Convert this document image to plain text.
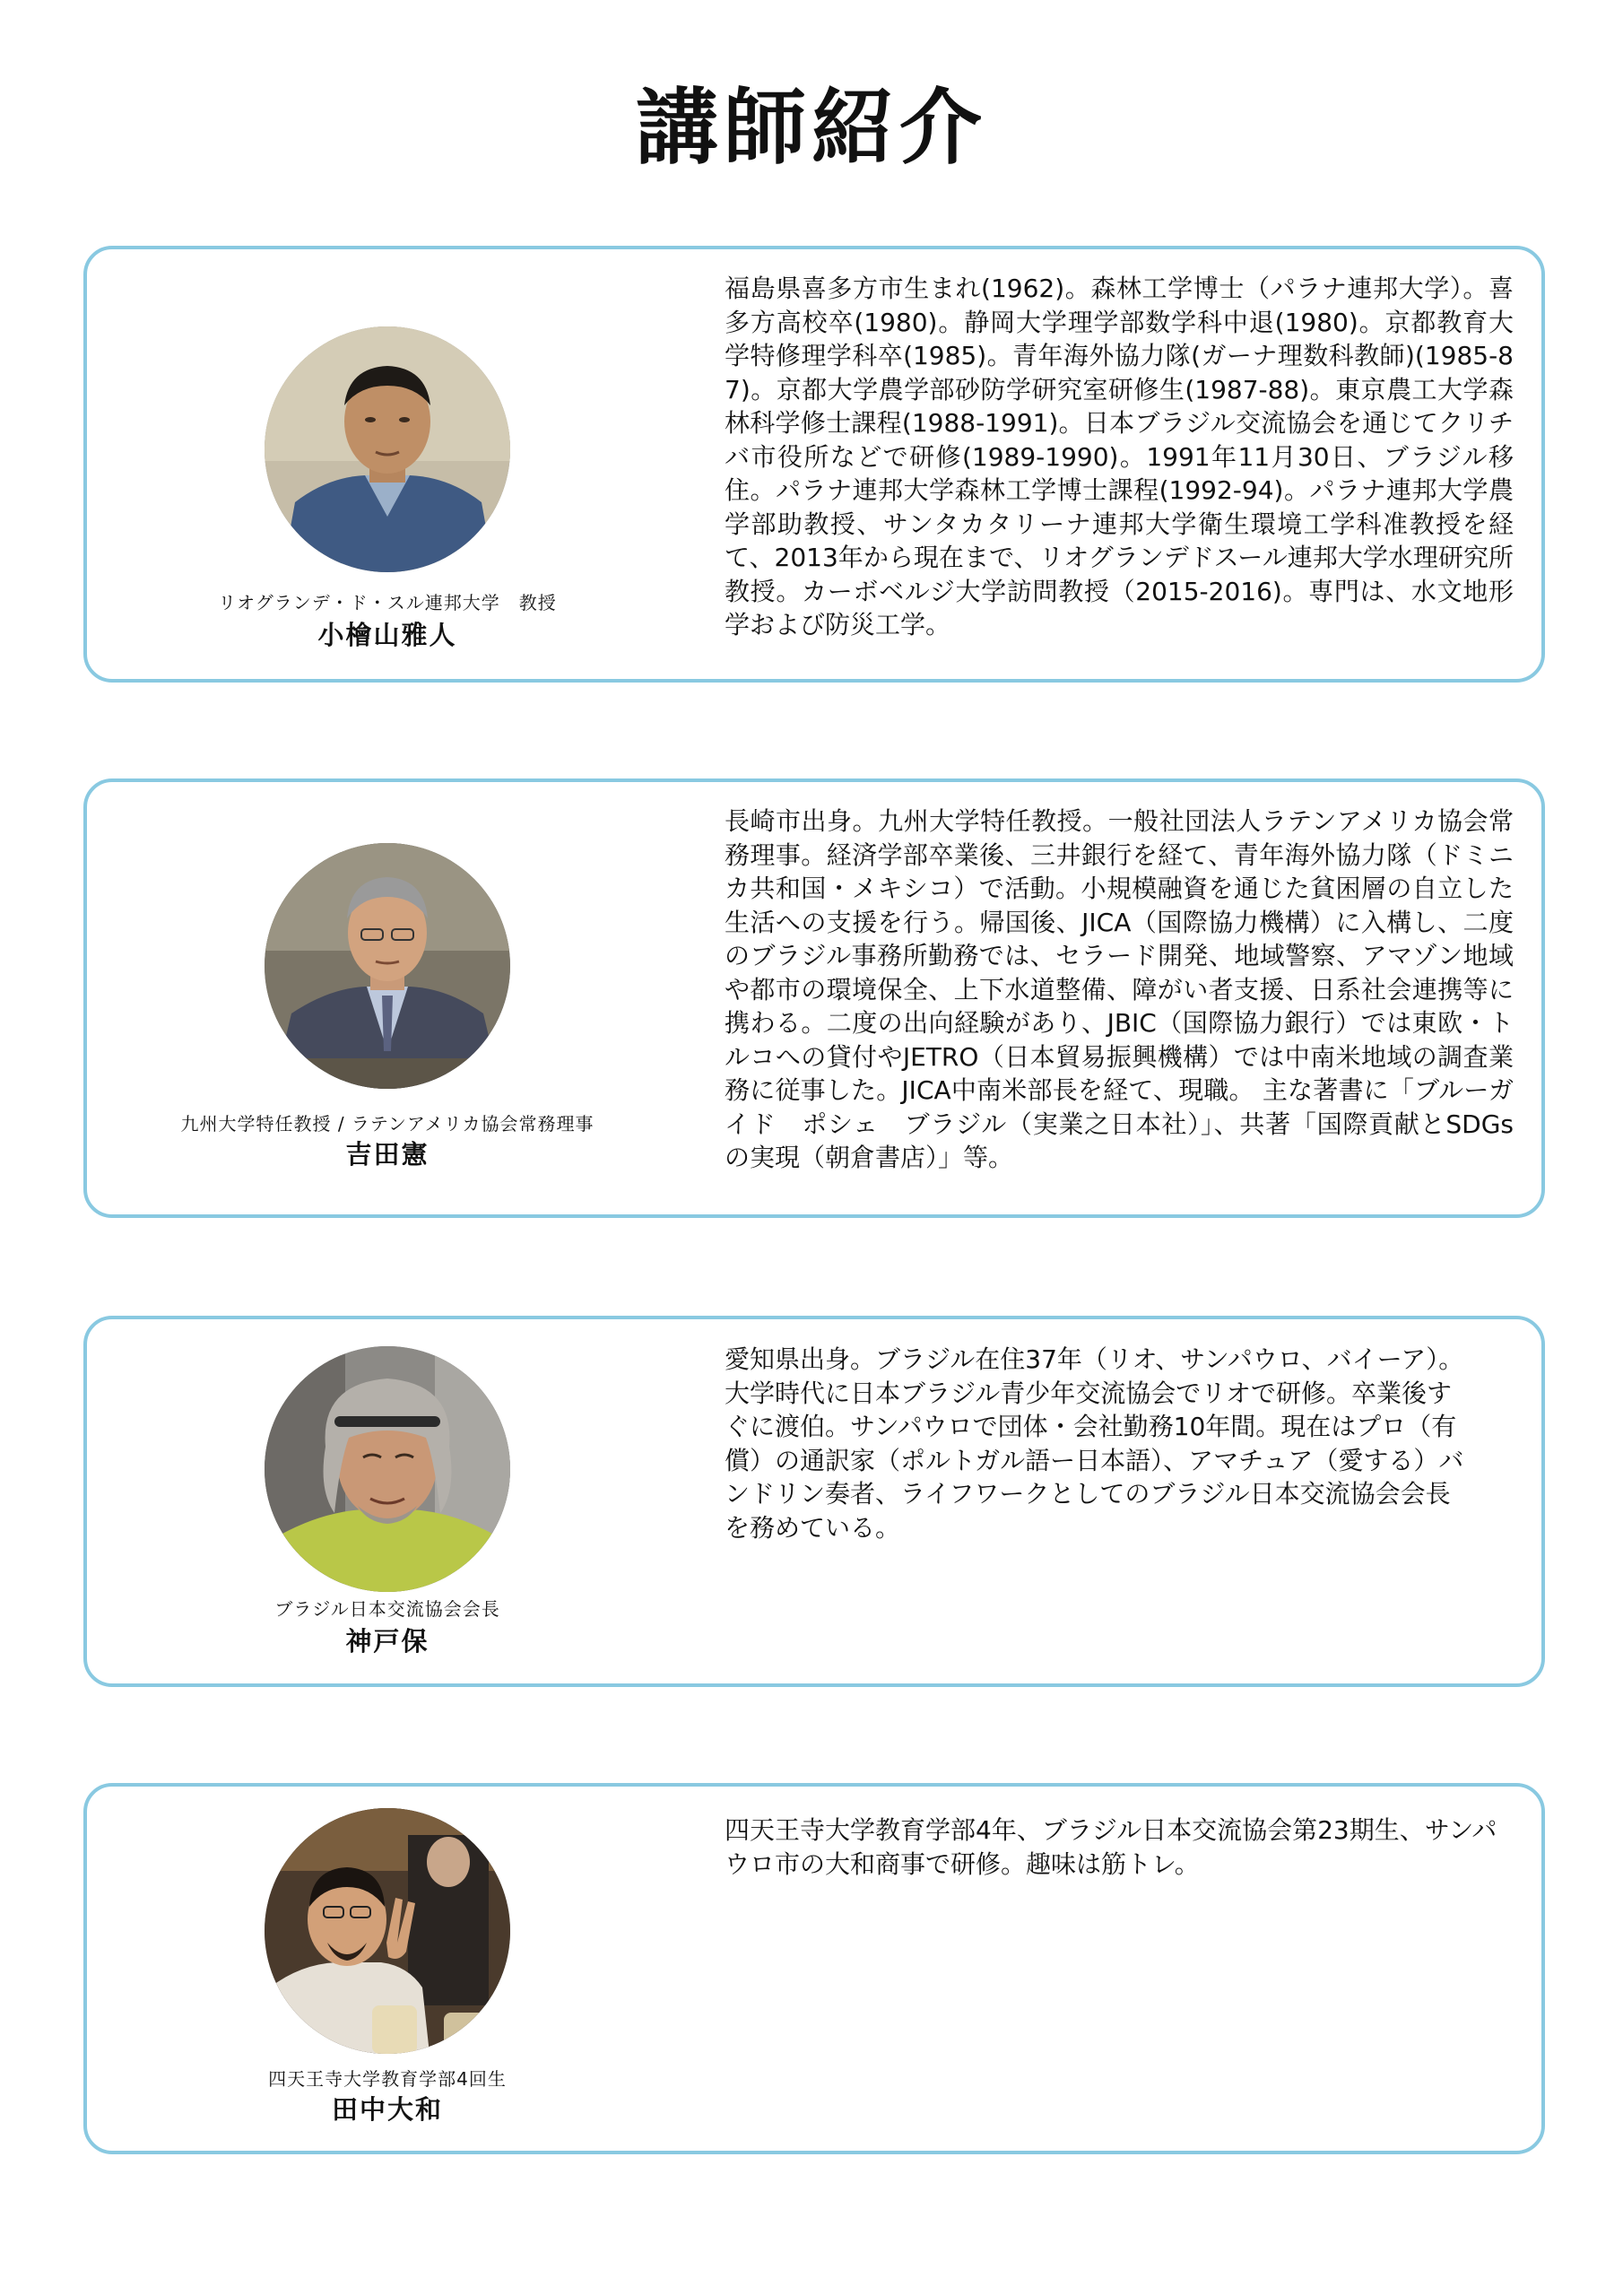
講師紹介
リオグランデ・ド・スル連邦大学　教授
小檜山雅人

福島県喜多方市生まれ(1962)。森林工学博士（パラナ連邦大学）。喜多方高校卒(1980)。静岡大学理学部数学科中退(1980)。京都教育大学特修理学科卒(1985)。青年海外協力隊(ガーナ理数科教師)(1985-87)。京都大学農学部砂防学研究室研修生(1987-88)。東京農工大学森林科学修士課程(1988-1991)。日本ブラジル交流協会を通じてクリチバ市役所などで研修(1989-1990)。1991年11月30日、ブラジル移住。パラナ連邦大学森林工学博士課程(1992-94)。パラナ連邦大学農学部助教授、サンタカタリーナ連邦大学衛生環境工学科准教授を経て、2013年から現在まで、リオグランデドスール連邦大学水理研究所教授。カーボベルジ大学訪問教授（2015-2016)。専門は、水文地形学および防災工学。

九州大学特任教授 / ラテンアメリカ協会常務理事
吉田憲

長崎市出身。九州大学特任教授。一般社団法人ラテンアメリカ協会常務理事。経済学部卒業後、三井銀行を経て、青年海外協力隊（ドミニカ共和国・メキシコ）で活動。小規模融資を通じた貧困層の自立した生活への支援を行う。帰国後、JICA（国際協力機構）に入構し、二度のブラジル事務所勤務では、セラード開発、地域警察、アマゾン地域や都市の環境保全、上下水道整備、障がい者支援、日系社会連携等に携わる。二度の出向経験があり、JBIC（国際協力銀行）では東欧・トルコへの貸付やJETRO（日本貿易振興機構）では中南米地域の調査業務に従事した。JICA中南米部長を経て、現職。 主な著書に「ブルーガイド　ポシェ　ブラジル（実業之日本社）」、共著「国際貢献とSDGsの実現（朝倉書店）」等。

ブラジル日本交流協会会長
神戸保

愛知県出身。ブラジル在住37年（リオ、サンパウロ、バイーア）。大学時代に日本ブラジル青少年交流協会でリオで研修。卒業後すぐに渡伯。サンパウロで団体・会社勤務10年間。現在はプロ（有償）の通訳家（ポルトガル語ー日本語）、アマチュア（愛する）バンドリン奏者、ライフワークとしてのブラジル日本交流協会会長を務めている。

四天王寺大学教育学部4回生
田中大和

四天王寺大学教育学部4年、ブラジル日本交流協会第23期生、サンパウロ市の大和商事で研修。趣味は筋トレ。
